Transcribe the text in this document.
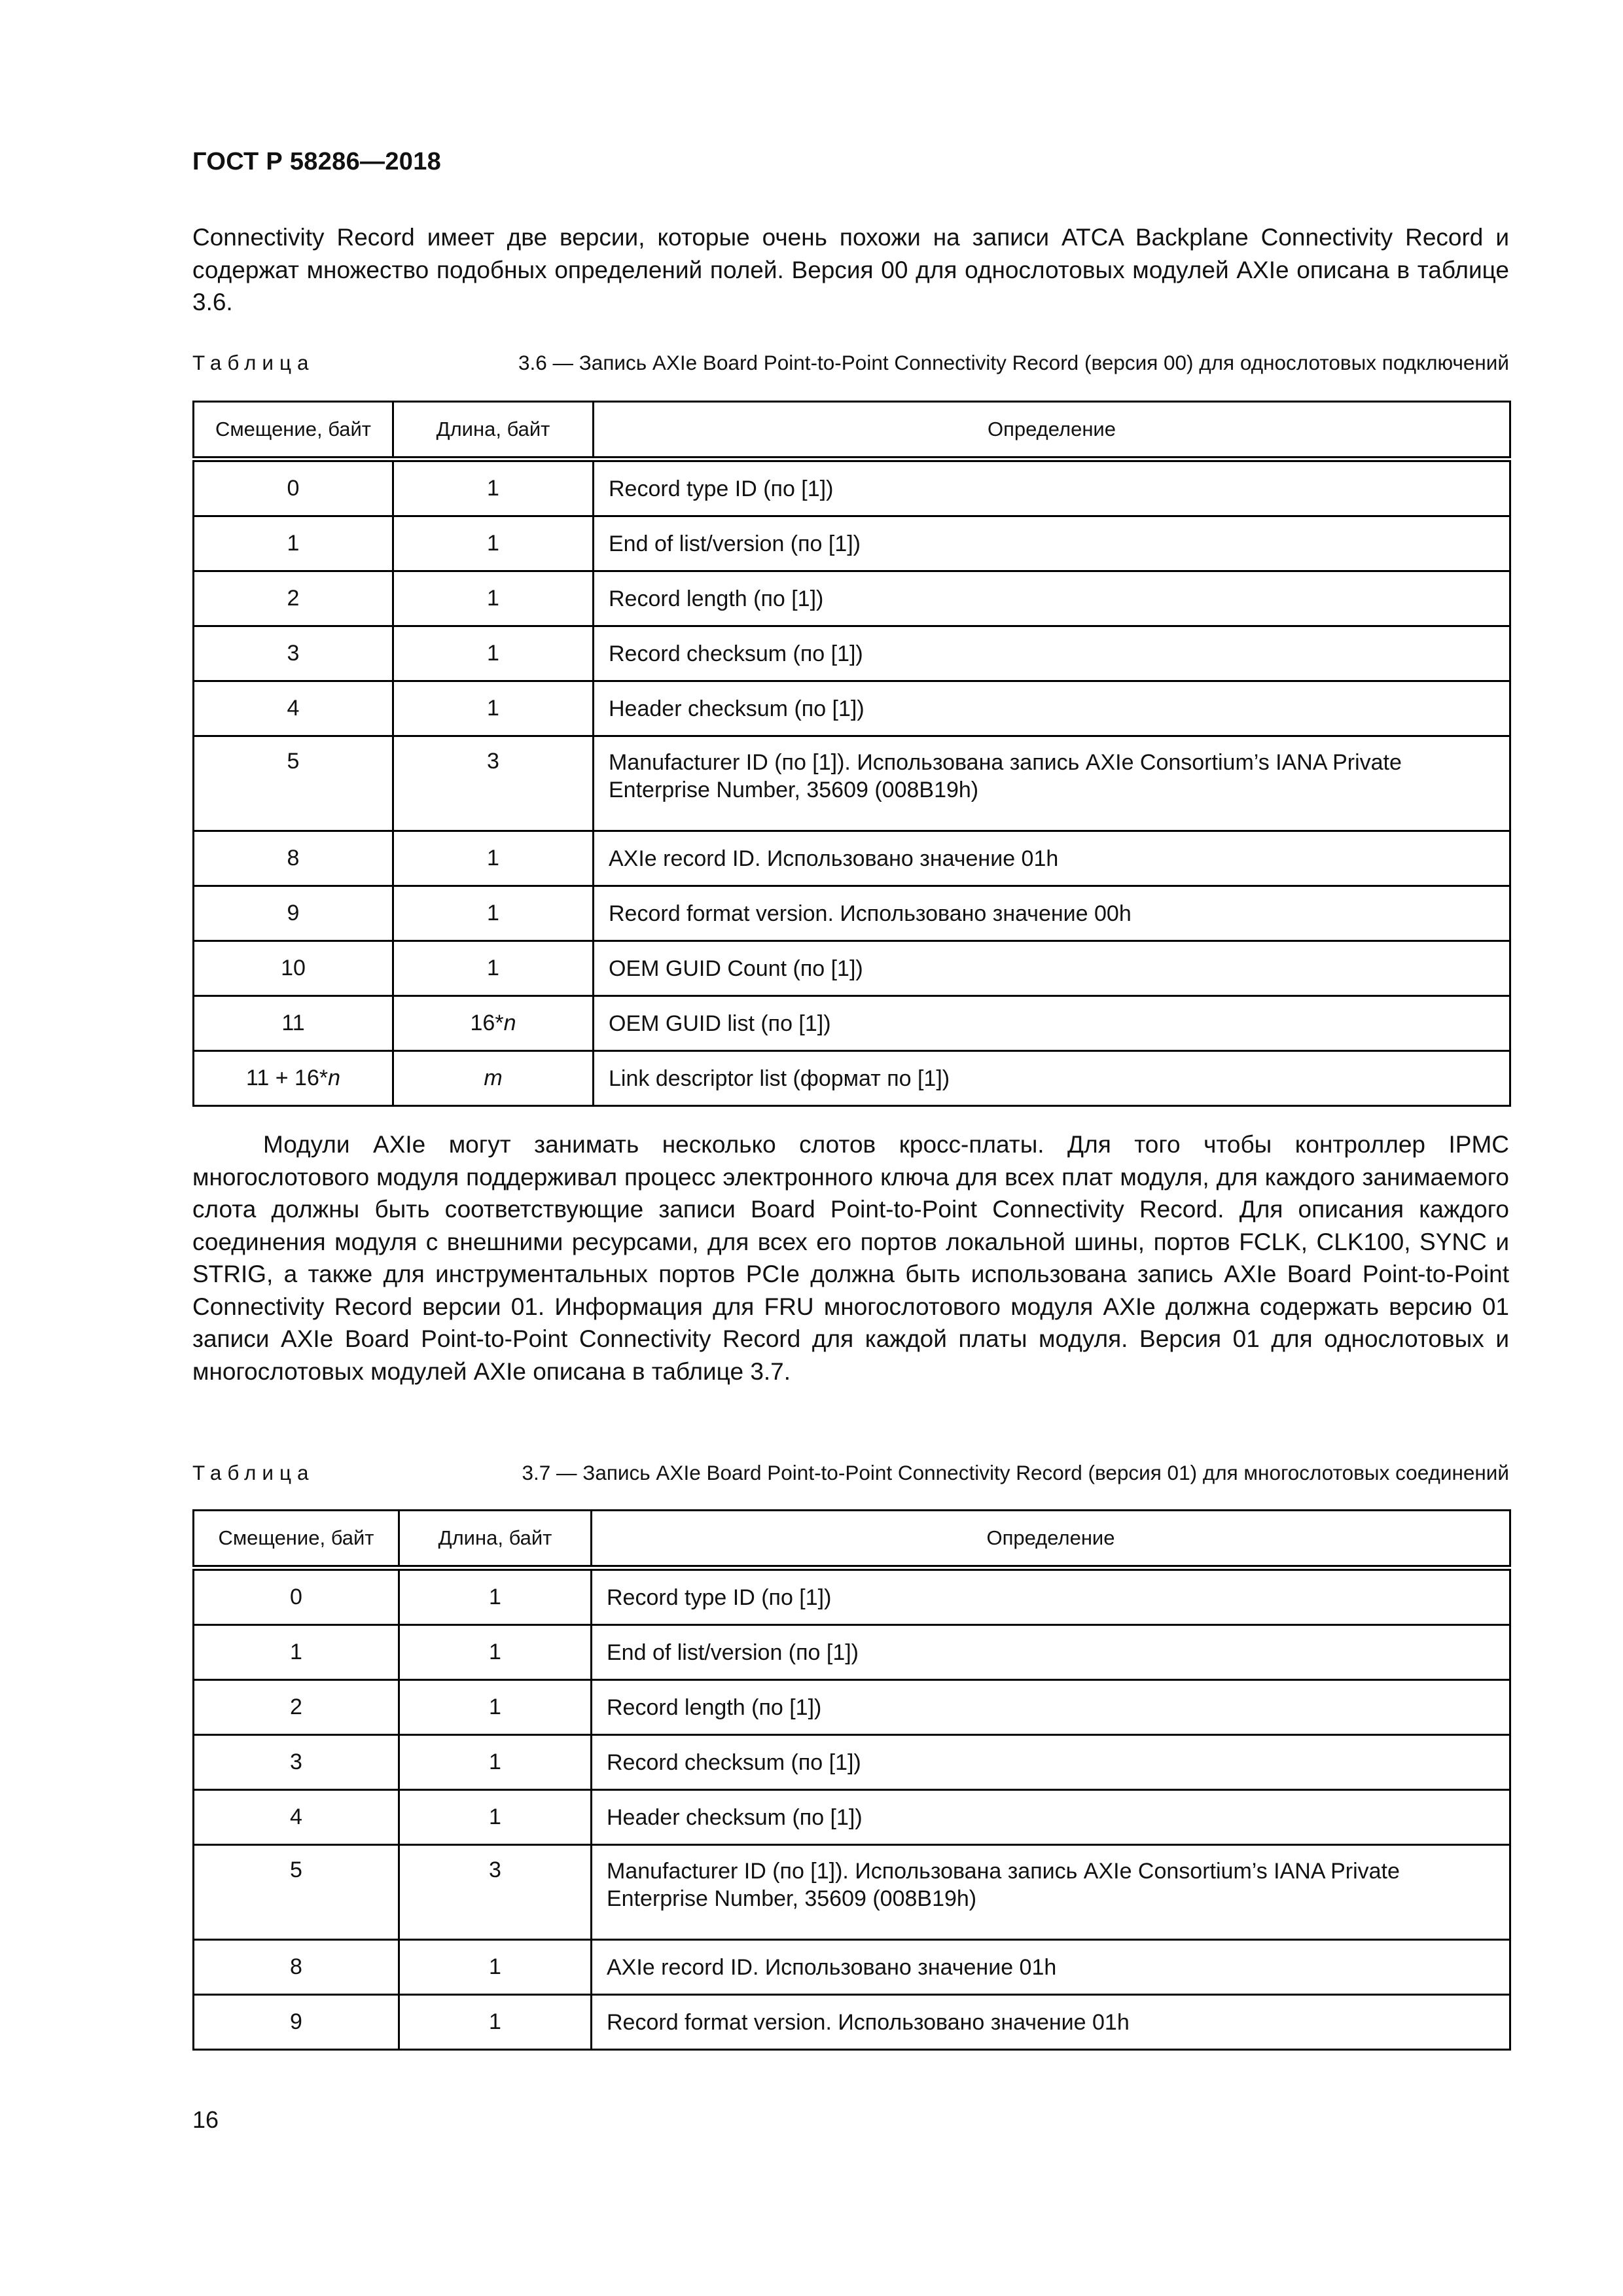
ГОСТ Р 58286—2018

Connectivity Record имеет две версии, которые очень похожи на записи ATCA Backplane Connectivity Record и содержат множество подобных определений полей. Версия 00 для однослотовых модулей AXIe описана в таблице 3.6.

Таблица	3.6 — Запись AXIe Board Point-to-Point Connectivity Record (версия 00) для однослотовых подключений
Смещение, байт	Длина, байт	Определение
0	1	Record type ID (по [1])
1	1	End of list/version (по [1])
2	1	Record length (по [1])
3	1	Record checksum (по [1])
4	1	Header checksum (по [1])
5	3	Manufacturer ID (по [1]). Использована запись AXIe Consortium’s IANA Private Enterprise Number, 35609 (008B19h)
8	1	AXIe record ID. Использовано значение 01h
9	1	Record format version. Использовано значение 00h
10	1	OEM GUID Count (по [1])
11	16*n	OEM GUID list (по [1])
11 + 16*n	m	Link descriptor list (формат по [1])

Модули AXIe могут занимать несколько слотов кросс-платы. Для того чтобы контроллер IPMC многослотового модуля поддерживал процесс электронного ключа для всех плат модуля, для каждого занимаемого слота должны быть соответствующие записи Board Point-to-Point Connectivity Record. Для описания каждого соединения модуля с внешними ресурсами, для всех его портов локальной шины, портов FCLK, CLK100, SYNC и STRIG, а также для инструментальных портов PCIe должна быть использована запись AXIe Board Point-to-Point Connectivity Record версии 01. Информация для FRU многослотового модуля AXIe должна содержать версию 01 записи AXIe Board Point-to-Point Connectivity Record для каждой платы модуля. Версия 01 для однослотовых и многослотовых модулей AXIe описана в таблице 3.7.

Таблица	3.7 — Запись AXIe Board Point-to-Point Connectivity Record (версия 01) для многослотовых соединений
Смещение, байт	Длина, байт	Определение
0	1	Record type ID (по [1])
1	1	End of list/version (по [1])
2	1	Record length (по [1])
3	1	Record checksum (по [1])
4	1	Header checksum (по [1])
5	3	Manufacturer ID (по [1]). Использована запись AXIe Consortium’s IANA Private Enterprise Number, 35609 (008B19h)
8	1	AXIe record ID. Использовано значение 01h
9	1	Record format version. Использовано значение 01h
16
